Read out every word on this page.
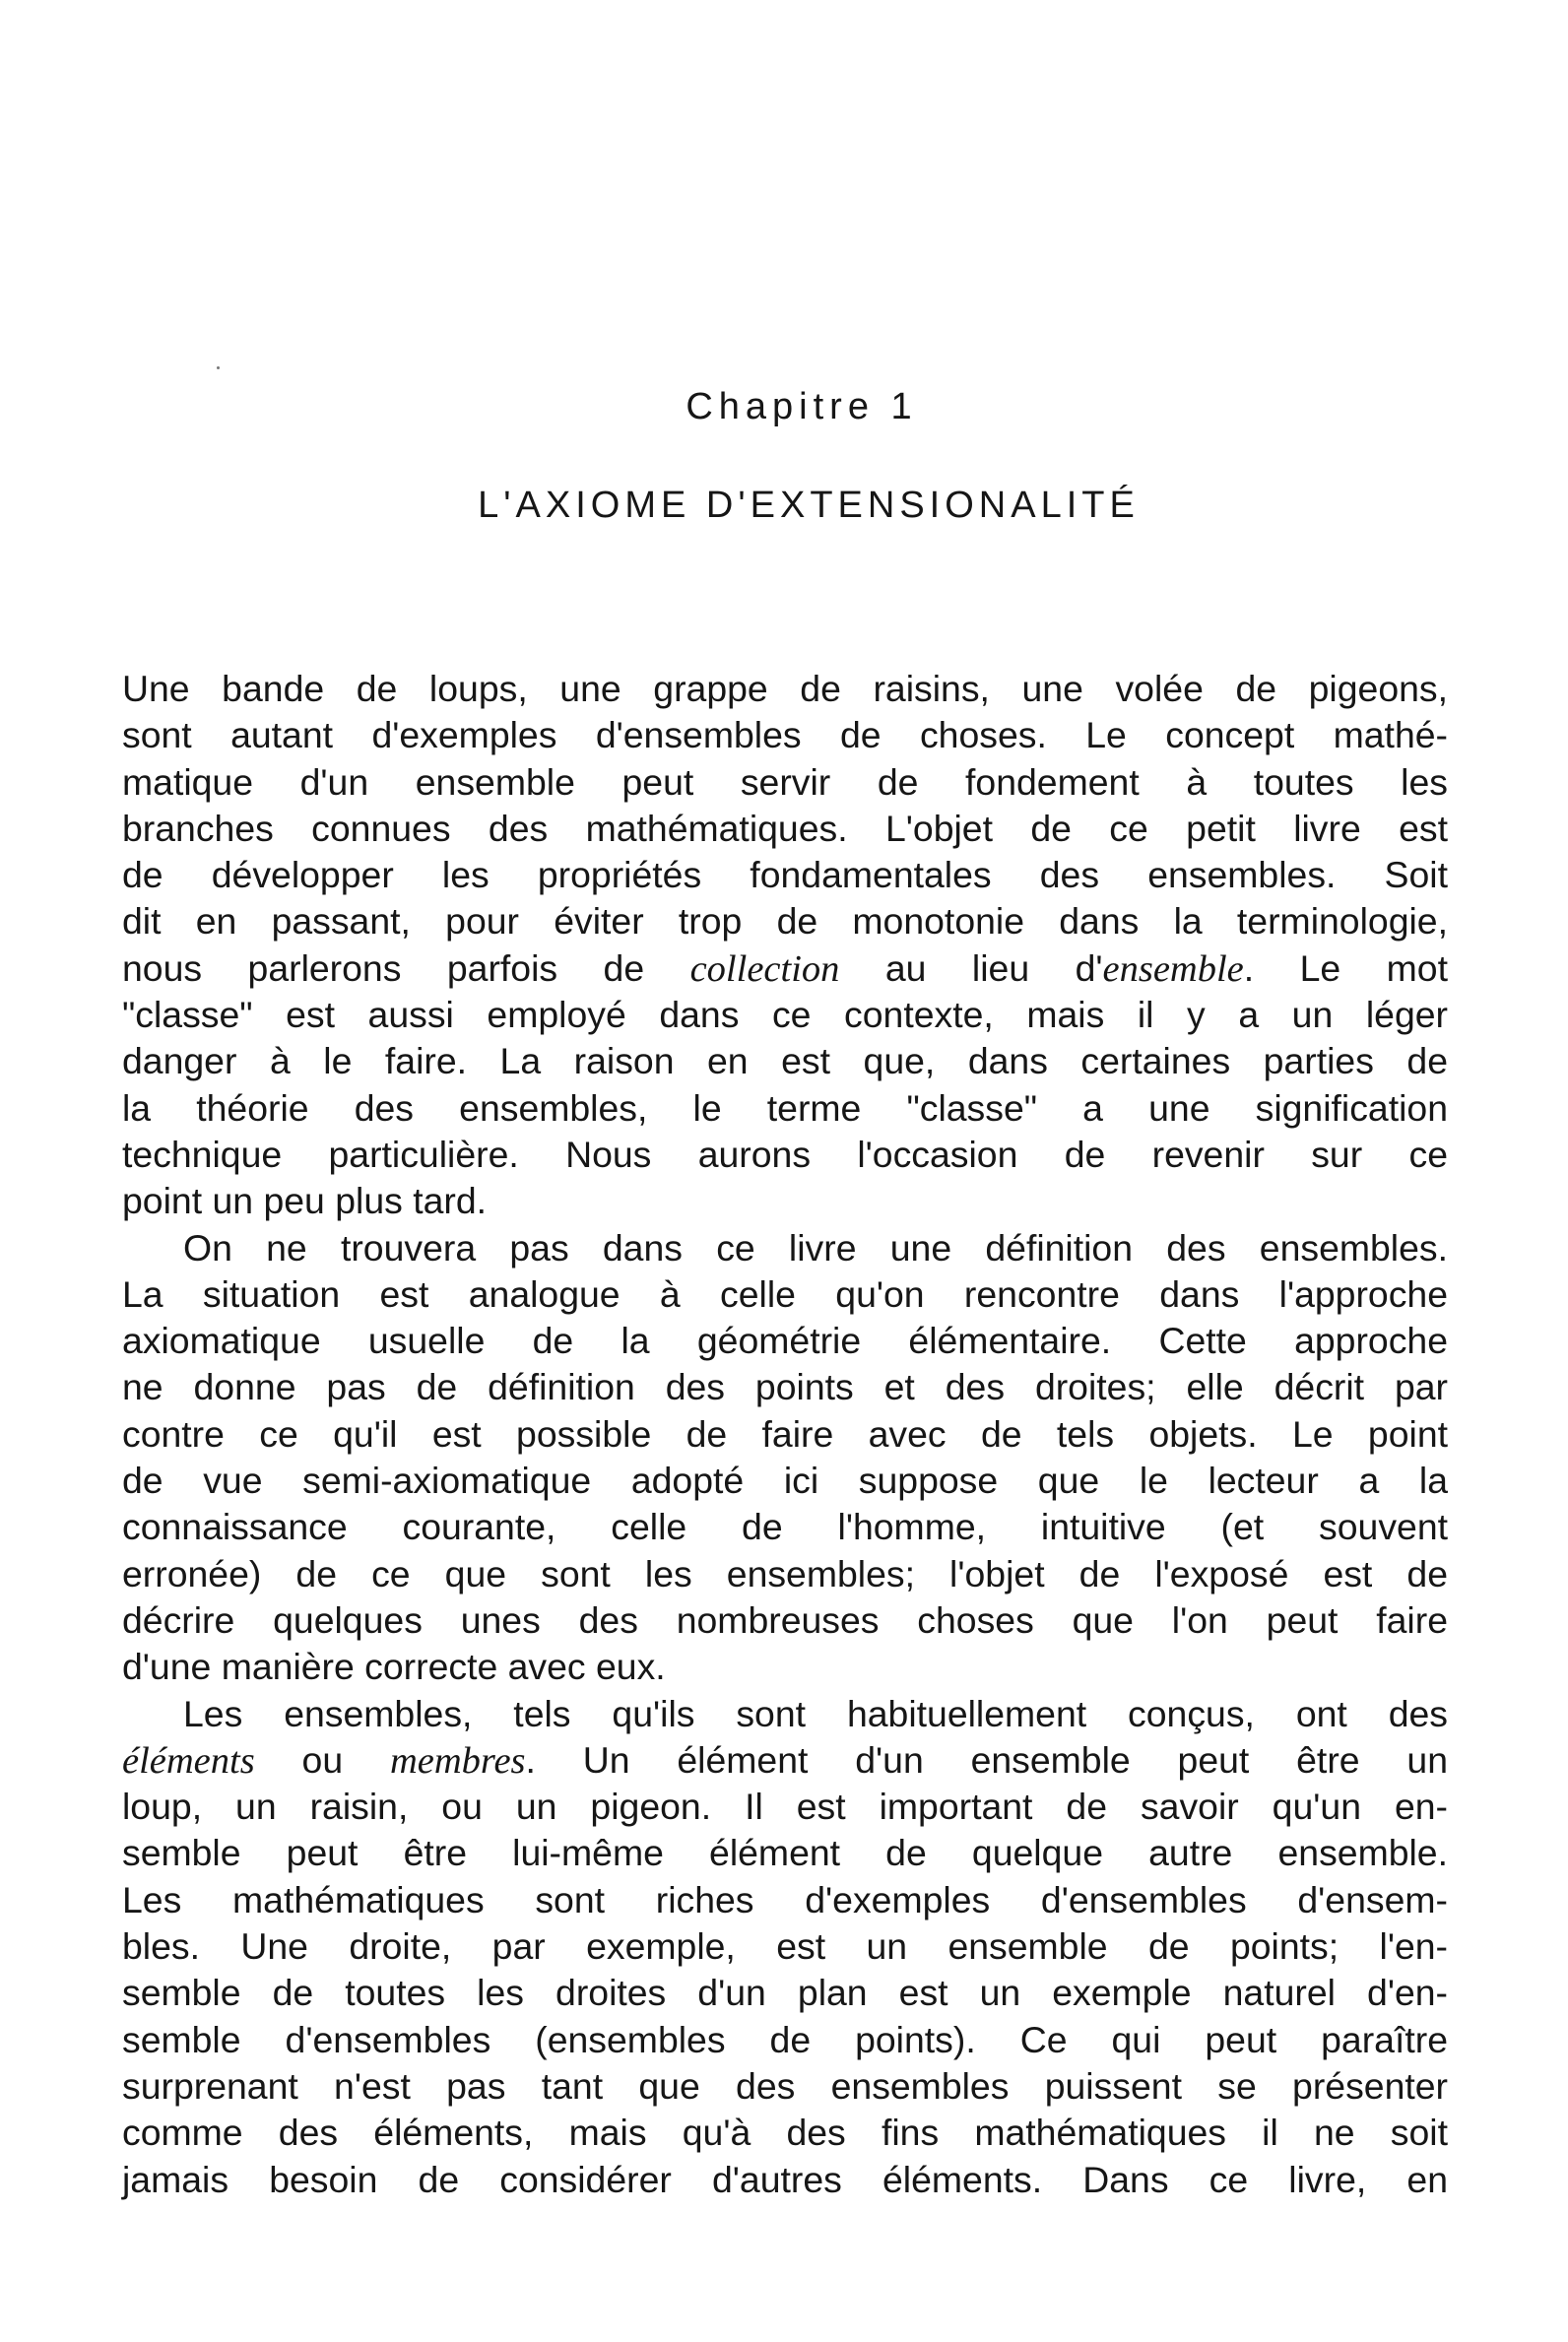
Chapitre 1
L'AXIOME D'EXTENSIONALITÉ
Une bande de loups, une grappe de raisins, une volée de pigeons,
sont autant d'exemples d'ensembles de choses. Le concept mathé-
matique d'un ensemble peut servir de fondement à toutes les
branches connues des mathématiques. L'objet de ce petit livre est
de développer les propriétés fondamentales des ensembles. Soit
dit en passant, pour éviter trop de monotonie dans la terminologie,
nous parlerons parfois de collection au lieu d'ensemble. Le mot
"classe" est aussi employé dans ce contexte, mais il y a un léger
danger à le faire. La raison en est que, dans certaines parties de
la théorie des ensembles, le terme "classe" a une signification
technique particulière. Nous aurons l'occasion de revenir sur ce
point un peu plus tard.
On ne trouvera pas dans ce livre une définition des ensembles.
La situation est analogue à celle qu'on rencontre dans l'approche
axiomatique usuelle de la géométrie élémentaire. Cette approche
ne donne pas de définition des points et des droites; elle décrit par
contre ce qu'il est possible de faire avec de tels objets. Le point
de vue semi-axiomatique adopté ici suppose que le lecteur a la
connaissance courante, celle de l'homme, intuitive (et souvent
erronée) de ce que sont les ensembles; l'objet de l'exposé est de
décrire quelques unes des nombreuses choses que l'on peut faire
d'une manière correcte avec eux.
Les ensembles, tels qu'ils sont habituellement conçus, ont des
éléments ou membres. Un élément d'un ensemble peut être un
loup, un raisin, ou un pigeon. Il est important de savoir qu'un en-
semble peut être lui-même élément de quelque autre ensemble.
Les mathématiques sont riches d'exemples d'ensembles d'ensem-
bles. Une droite, par exemple, est un ensemble de points; l'en-
semble de toutes les droites d'un plan est un exemple naturel d'en-
semble d'ensembles (ensembles de points). Ce qui peut paraître
surprenant n'est pas tant que des ensembles puissent se présenter
comme des éléments, mais qu'à des fins mathématiques il ne soit
jamais besoin de considérer d'autres éléments. Dans ce livre, en
